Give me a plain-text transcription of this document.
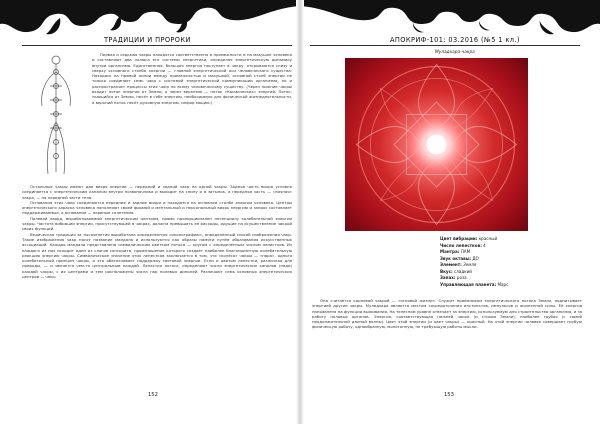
ТРАДИЦИИ И ПРОРОКИ

Первая и седьмая чакры находятся соответственно в промежности и на макушке человека и составляют два полюса его системы энергетики, определяя энергетическую динамику внутри организма. Единственная, большая энергия поступает в чакру, открываются снизу и сверху основного столба энергии — главной энергетической оси человеческого существа. Находясь на прямой линии между промежностью и макушкой, основной столб энергии не только соединяет семь чакр с системой энергетической коммуникации организма, но и распространяет процессы этих чакр по всему человеческому существу. (Через нижние чакры входит поток энергии от Земли, а через верхнюю — поток «Космических» энергий. Поток, льющийся от Земли, несёт в себе энергию, необходимую для физической жизнедеятельности, а верхний поток несёт духовную энергию, инфор мацию.)

Остальные чакры имеют два вихря энергии — передний и задний чакр на одной чакры. Задняя часть вихря условно соединяется с энергетическим каналом внутри позвоночника и выходит на спину и в затылок, а передняя часть — «личная» чакра, — на передней части тела.

Основания этих чакр соединяются передние и задние вихри и находятся на основном столбе энергии человека. Центры энергетического хараска человека наполняют своей формой и ментальный и персональный вихрь энергию и запрос составляет поддерживаемые, а основание — нервные сплетения.

Полевой хаорд, вырабатываемый энергетическим центром, прямо пропорционален потенциалу колебательной энергии чакры. Частота вибрации энергии, присутствующей в чакрах, должна превышать её расходы, идущие на осуществление чакрой своих функций.

Ведическая традиция за тысячелетия выработала определённую «иконографию», определённый способ изображения чакр. Такие изображения чакр носят название мандала и используются как образы памяти путём образования искусственных ассоциаций. Каждая мандала представлена символическим цветком лотоса — кругом с определённым числом лепестков. Из каждого из них исходит один из слогов санскрита, произношение которого создаёт наиболее благоприятную колебательную реакцию энергию чакры. Символическое значение этих лепестков заключается в том, что «колёса» чакры — «пара», одного колебательный принцип чакры, и это обеспечивает поддержку световой энергии. Если и цветом лепестки, различная для природы, — и является чем-то центральным каждой. Лепестки лотоса, определяют число энергетических каналов (нади) каждой чакры, с их центрами и тем расположены числа пар полевых диполей. Различают семь основных энергетических центров — чакр:

152
АПОКРИФ-101: 03.2016 (№5 1 кл.)
153
Муладхара-чакра
Цвет вибрации: красный
Число лепестков: 4
Мантра: ЛАМ
Звук октавы: ДО
Элемент: Земля
Вкус: сладкий
Запах: роза
Управляющая планета: Марс

Она считается корневой чакрой — «основой жизни». Служит приёмником энергетического потока Земли, подпитывает энергией другие чакры. Муладхара является местом сосредоточения инстинктов, импульсов и жизненной силы. Её энергия направлена на функции выживания. На телесном уровне отвечает за энергию, используемую для строительства организма, и за работу половых органов. Энергия, соответствующая нижней чакре (и стихии Земли), наиболее грубая (с самой продолжительной длиной волны). Цвет этой энергии (и цвет чакры) — красный. На этой энергии человек совершает грубую физическую работу, однообразную, монотонную, не требующую работы мысли.
